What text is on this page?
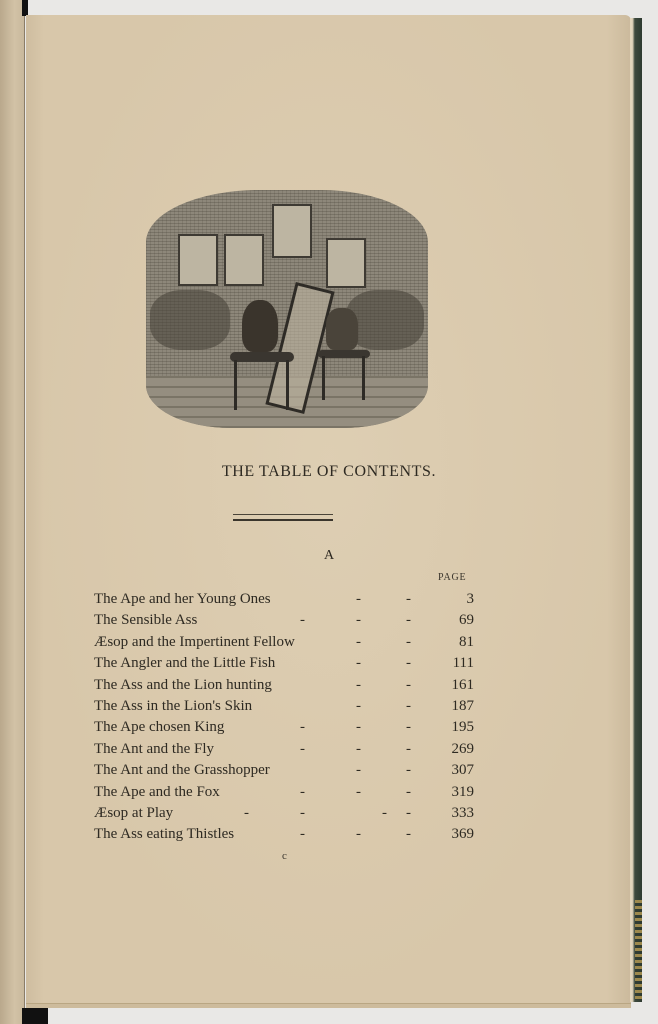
THE TABLE OF CONTENTS.
A
PAGE
The Ape and her Young Ones	-	-	3
The Sensible Ass	-	-	-	69
Æsop and the Impertinent Fellow	-	-	81
The Angler and the Little Fish	-	-	111
The Ass and the Lion hunting	-	-	161
The Ass in the Lion's Skin	-	-	187
The Ape chosen King	-	-	-	195
The Ant and the Fly	-	-	-	269
The Ant and the Grasshopper	-	-	307
The Ape and the Fox	-	-	-	319
Æsop at Play	-	-	- -	333
The Ass eating Thistles	-	-	-	369
c
